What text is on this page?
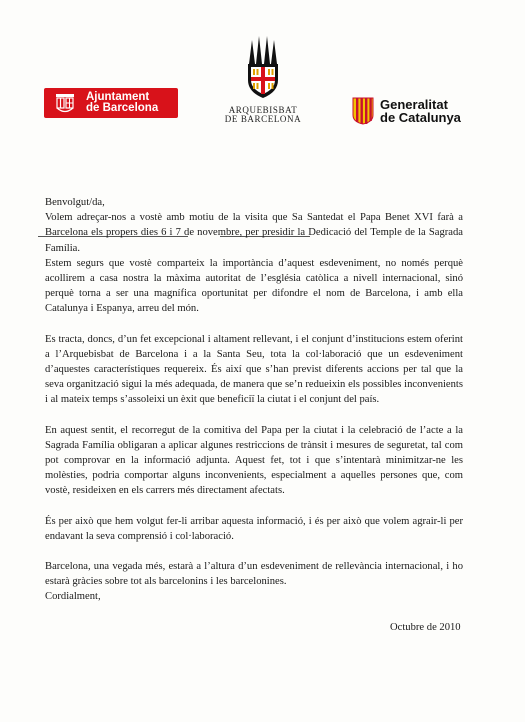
Ajuntament
de Barcelona	ARQUEBISBAT
DE BARCELONA
Generalitat
de Catalunya

Benvolgut/da,

Volem adreçar-nos a vostè amb motiu de la visita que Sa Santedat el Papa Benet XVI farà a Barcelona els propers dies 6 i 7 de novembre, per presidir la Dedicació del Temple de la Sagrada Família.

Estem segurs que vostè comparteix la importància d’aquest esdeveniment, no només perquè acollirem a casa nostra la màxima autoritat de l’església catòlica a nivell internacional, sinó perquè torna a ser una magnífica oportunitat per difondre el nom de Barcelona, i amb ella Catalunya i Espanya, arreu del món.

Es tracta, doncs, d’un fet excepcional i altament rellevant, i el conjunt d’institucions estem oferint a l’Arquebisbat de Barcelona i a la Santa Seu, tota la col·laboració que un esdeveniment d’aquestes característiques requereix. És així que s’han previst diferents accions per tal que la seva organització sigui la més adequada, de manera que se’n redueixin els possibles inconvenients i al mateix temps s’assoleixi un èxit que beneficiï la ciutat i el conjunt del país.

En aquest sentit, el recorregut de la comitiva del Papa per la ciutat i la celebració de l’acte a la Sagrada Família obligaran a aplicar algunes restriccions de trànsit i mesures de seguretat, tal com pot comprovar en la informació adjunta. Aquest fet, tot i que s’intentarà minimitzar-ne les molèsties, podria comportar alguns inconvenients, especialment a aquelles persones que, com vostè, resideixen en els carrers més directament afectats.

És per això que hem volgut fer-li arribar aquesta informació, i és per això que volem agrair-li per endavant la seva comprensió i col·laboració.

Barcelona, una vegada més, estarà a l’altura d’un esdeveniment de rellevància internacional, i ho estarà gràcies sobre tot als barcelonins i les barcelonines.

Cordialment,
Octubre de 2010
